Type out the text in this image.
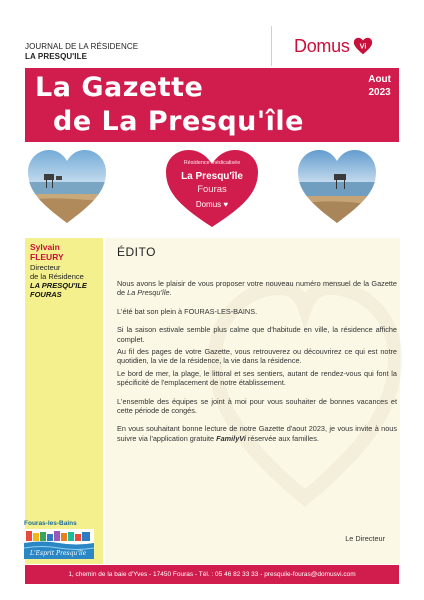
JOURNAL DE LA RÉSIDENCE
LA PRESQU'ILE
Domus Vi
La Gazette
de La Presqu'île
Aout
2023
Résidence médicalisée
La Presqu'île
Fouras
Domus ♥
Sylvain
FLEURY
Directeur
de la Résidence
LA PRESQU'ILE
FOURAS
Fouras-les-Bains
L'Esprit Presqu'île
ÉDITO

Nous avons le plaisir de vous proposer votre nouveau numéro mensuel de la Gazette de La Presqu'île.

L'été bat son plein à FOURAS-LES-BAINS.

Si la saison estivale semble plus calme que d'habitude en ville, la résidence affiche complet.

Au fil des pages de votre Gazette, vous retrouverez ou découvrirez ce qui est notre quotidien, la vie de la résidence, la vie dans la résidence.

Le bord de mer, la plage, le littoral et ses sentiers, autant de rendez-vous qui font la spécificité de l'emplacement de notre établissement.

L'ensemble des équipes se joint à moi pour vous souhaiter de bonnes vacances et cette période de congés.

En vous souhaitant bonne lecture de notre Gazette d'aout 2023, je vous invite à nous suivre via l'application gratuite FamilyVi réservée aux familles.

Le Directeur
1, chemin de la baie d'Yves - 17450 Fouras - Tél. : 05 46 82 33 33 - presquile-fouras@domusvi.com
